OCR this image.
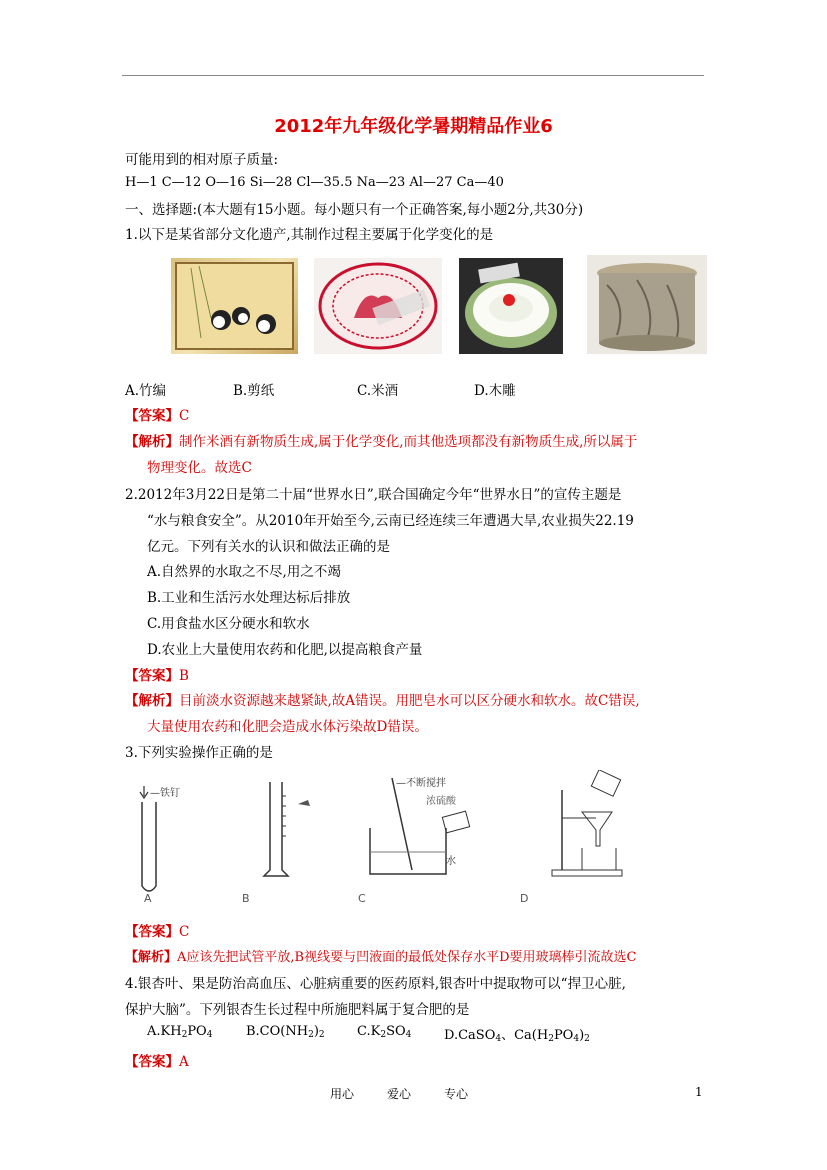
2012年九年级化学暑期精品作业6
可能用到的相对原子质量:
H—1 C—12 O—16 Si—28 Cl—35.5 Na—23 Al—27 Ca—40
一、选择题:(本大题有15小题。每小题只有一个正确答案,每小题2分,共30分)
1.以下是某省部分文化遗产,其制作过程主要属于化学变化的是
A.竹编	B.剪纸	C.米酒	D.木雕
【答案】C
【解析】制作米酒有新物质生成,属于化学变化,而其他选项都没有新物质生成,所以属于
物理变化。故选C
2.2012年3月22日是第二十届“世界水日”,联合国确定今年“世界水日”的宣传主题是
“水与粮食安全”。从2010年开始至今,云南已经连续三年遭遇大旱,农业损失22.19
亿元。下列有关水的认识和做法正确的是
A.自然界的水取之不尽,用之不竭
B.工业和生活污水处理达标后排放
C.用食盐水区分硬水和软水
D.农业上大量使用农药和化肥,以提高粮食产量
【答案】B
【解析】目前淡水资源越来越紧缺,故A错误。用肥皂水可以区分硬水和软水。故C错误,
大量使用农药和化肥会造成水体污染故D错误。
3.下列实验操作正确的是
—铁钉
A	B
—不断搅拌
浓硫酸
水
C	D
【答案】C
【解析】A应该先把试管平放,B视线要与凹液面的最低处保存水平D要用玻璃棒引流故选C
4.银杏叶、果是防治高血压、心脏病重要的医药原料,银杏叶中提取物可以“捍卫心脏,
保护大脑”。下列银杏生长过程中所施肥料属于复合肥的是
$A.KH_2PO_4$	$B.CO(NH_2)_2$ $C.K_2SO_4$	D.CaSO$_4$、$Ca(H_2PO_4)_2$
【答案】A
用心	爱心	专心	1
